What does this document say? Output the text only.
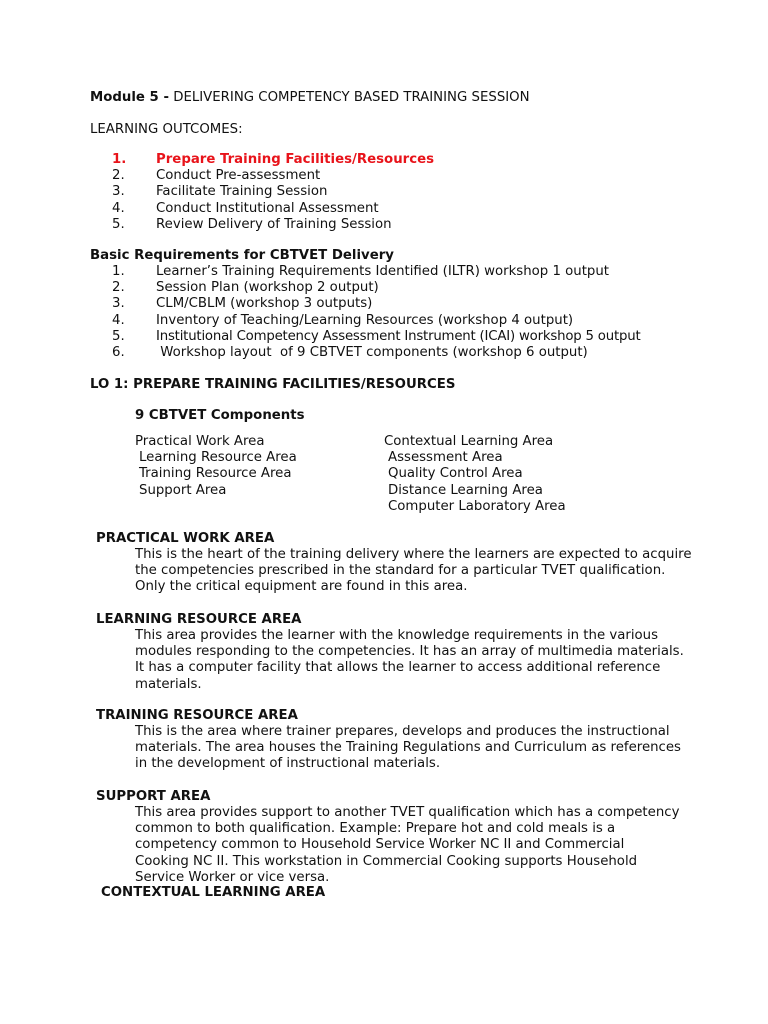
Module 5 - DELIVERING COMPETENCY BASED TRAINING SESSION
LEARNING OUTCOMES:
1.	Prepare Training Facilities/Resources
2.	Conduct Pre-assessment
3.	Facilitate Training Session
4.	Conduct Institutional Assessment
5.	Review Delivery of Training Session
Basic Requirements for CBTVET Delivery
1.	Learner’s Training Requirements Identified (ILTR) workshop 1 output
2.	Session Plan (workshop 2 output)
3.	CLM/CBLM (workshop 3 outputs)
4.	Inventory of Teaching/Learning Resources (workshop 4 output)
5.	Institutional Competency Assessment Instrument (ICAI) workshop 5 output
6.	Workshop layout  of 9 CBTVET components (workshop 6 output)
LO 1: PREPARE TRAINING FACILITIES/RESOURCES
9 CBTVET Components
Practical Work Area
Learning Resource Area
Training Resource Area
Support Area
Contextual Learning Area
Assessment Area
Quality Control Area
Distance Learning Area
Computer Laboratory Area
PRACTICAL WORK AREA
This is the heart of the training delivery where the learners are expected to acquire the competencies prescribed in the standard for a particular TVET qualification. Only the critical equipment are found in this area.
LEARNING RESOURCE AREA
This area provides the learner with the knowledge requirements in the various modules responding to the competencies. It has an array of multimedia materials. It has a computer facility that allows the learner to access additional reference materials.
TRAINING RESOURCE AREA
This is the area where trainer prepares, develops and produces the instructional materials. The area houses the Training Regulations and Curriculum as references in the development of instructional materials.
SUPPORT AREA
This area provides support to another TVET qualification which has a competency common to both qualification. Example: Prepare hot and cold meals is a competency common to Household Service Worker NC II and Commercial Cooking NC II. This workstation in Commercial Cooking supports Household Service Worker or vice versa.
CONTEXTUAL LEARNING AREA
